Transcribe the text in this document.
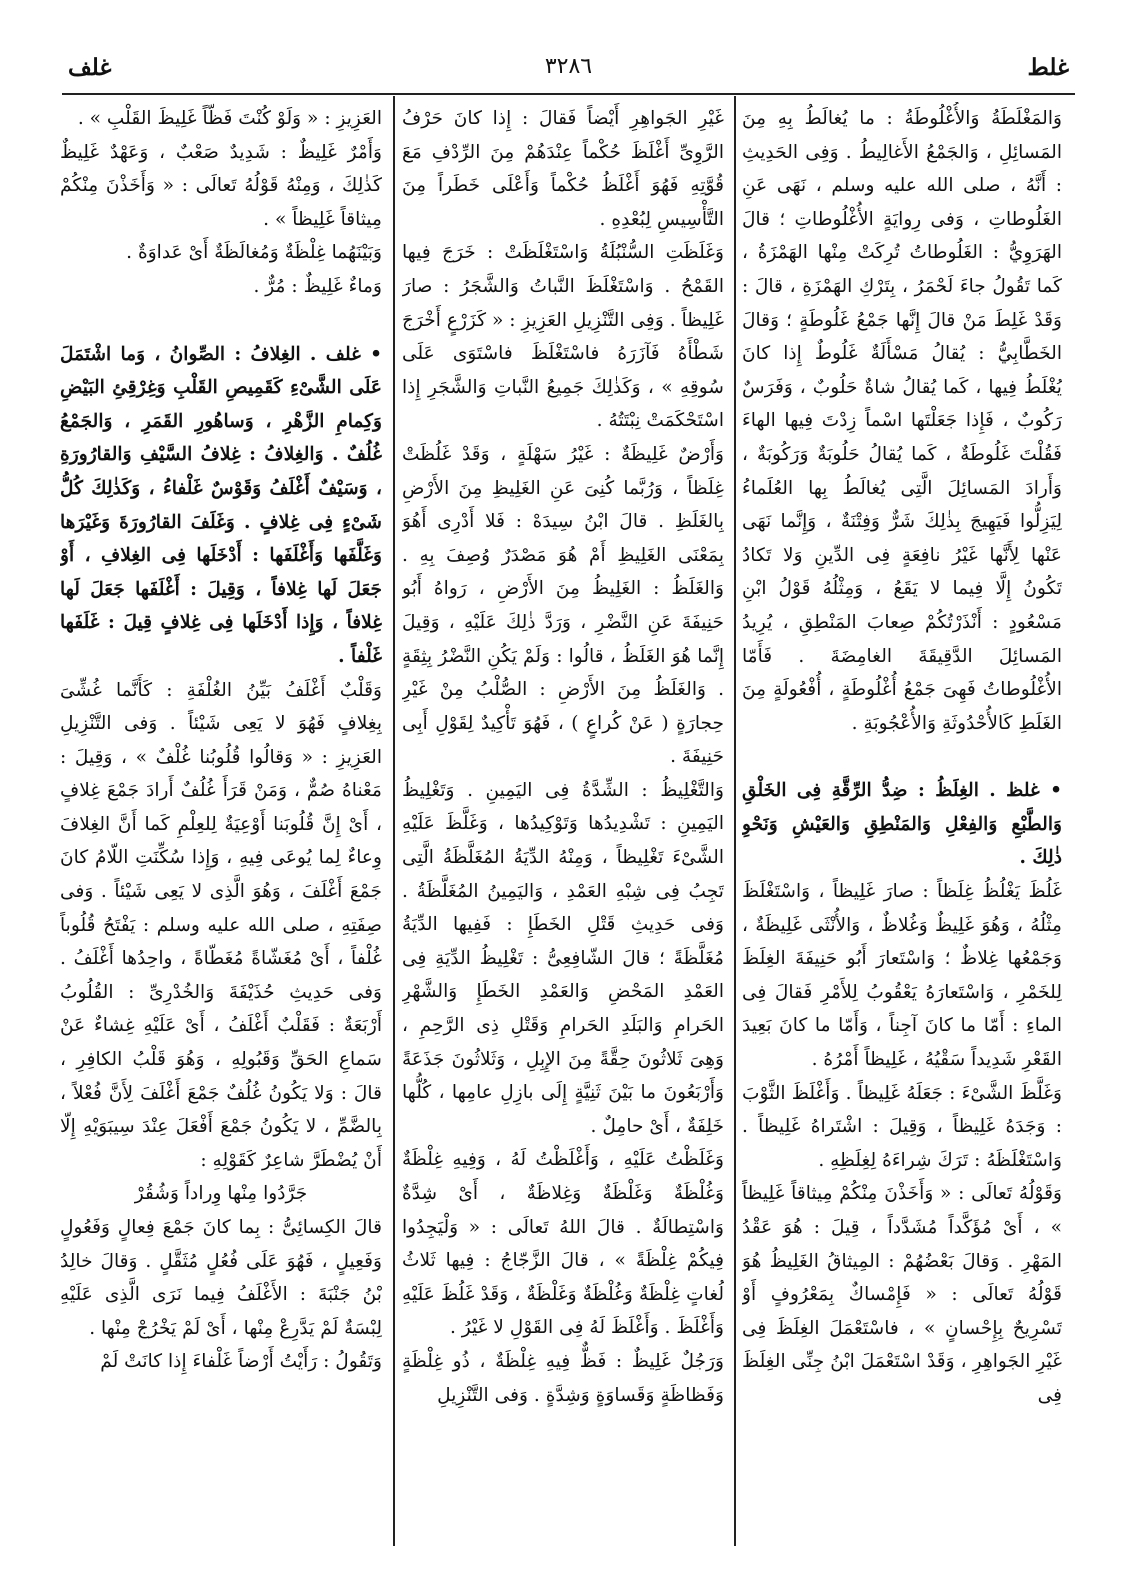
غلط
٣٢٨٦
غلف

وَالمَغْلَطَةُ وَالأُغْلُوطَةُ : ما يُغالَطُ بِهِ مِنَ المَسائِلِ ، وَالجَمْعُ الأَغالِيطُ . وَفِى الحَدِيثِ : أَنَّهُ ، صلى الله عليه وسلم ، نَهَى عَنِ الغَلُوطاتِ ، وَفى رِوايَةٍ الأُغْلُوطاتِ ؛ قالَ الهَرَوِيُّ : الغَلُوطاتُ تُرِكَتْ مِنْها الهَمْزَةُ ، كَما تَقُولُ جاءَ لَحْمَرُ ، بِتَرْكِ الهَمْزَةِ ، قالَ : وَقَدْ غَلِطَ مَنْ قالَ إِنَّها جَمْعُ غَلُوطَةٍ ؛ وَقالَ الخَطَّابِيُّ : يُقالُ مَسْأَلَةٌ غَلُوطٌ إِذا كانَ يُغْلَطُ فِيها ، كَما يُقالُ شاةٌ حَلُوبٌ ، وَفَرَسٌ رَكُوبٌ ، فَإِذا جَعَلْتَها اسْماً زِدْتَ فِيها الهاءَ فَقُلْتَ غَلُوطَةٌ ، كَما يُقالُ حَلُوبَةٌ وَرَكُوبَةٌ ، وَأَرادَ المَسائِلَ الَّتِى يُغالَطُ بِها العُلَماءُ لِيَزِلُّوا فَيَهِيجَ بِذٰلِكَ شَرٌّ وَفِتْنَةٌ ، وَإِنَّما نَهَى عَنْها لِأَنَّها غَيْرُ نافِعَةٍ فِى الدِّينِ وَلا تَكادُ تَكُونُ إِلَّا فِيما لا يَقَعُ ، وَمِثْلُهُ قَوْلُ ابْنِ مَسْعُودٍ : أَنْذَرْتُكُمْ صِعابَ المَنْطِقِ ، يُرِيدُ المَسائِلَ الدَّقِيقَةَ الغامِضَةَ . فَأَمّا الأُغْلُوطاتُ فَهِىَ جَمْعُ أُغْلُوطَةٍ ، أُفْعُولَةٍ مِنَ الغَلَطِ كَالأُحْدُوثَةِ وَالأُعْجُوبَةِ .

• غلظ . الغِلَظُ : ضِدُّ الرِّقَّةِ فِى الخَلْقِ وَالطَّبْعِ وَالفِعْلِ وَالمَنْطِقِ وَالعَيْشِ وَنَحْوِ ذٰلِكَ .

غَلُظَ يَغْلُظُ غِلَظاً : صارَ غَلِيظاً ، وَاسْتَغْلَظَ مِثْلُهُ ، وَهُوَ غَلِيظٌ وَغُلاظٌ ، وَالأُنْثَى غَلِيظَةٌ ، وَجَمْعُها غِلاظٌ ؛ وَاسْتَعارَ أَبُو حَنِيفَةَ الغِلَظَ لِلخَمْرِ ، وَاسْتَعارَهُ يَعْقُوبُ لِلأَمْرِ فَقالَ فِى الماءِ : أَمّا ما كانَ آجِناً ، وَأَمّا ما كانَ بَعِيدَ القَعْرِ شَدِيداً سَقْيُهُ ، غَلِيظاً أَمْرُهُ .

وَغَلَّظَ الشَّىْءَ : جَعَلَهُ غَلِيظاً . وَأَغْلَظَ الثَّوْبَ : وَجَدَهُ غَلِيظاً ، وَقِيلَ : اشْتَراهُ غَلِيظاً . وَاسْتَغْلَظَهُ : تَرَكَ شِراءَهُ لِغِلَظِهِ .

وَقَوْلُهُ تَعالَى : « وَأَخَذْنَ مِنْكُمْ مِيثاقاً غَلِيظاً » ، أَىْ مُؤَكَّداً مُشَدَّداً ، قِيلَ : هُوَ عَقْدُ المَهْرِ . وَقالَ بَعْضُهُمْ : المِيثاقُ الغَلِيظُ هُوَ قَوْلُهُ تَعالَى : « فَإِمْساكٌ بِمَعْرُوفٍ أَوْ تَسْرِيحٌ بِإِحْسانٍ » ، فاسْتَعْمَلَ الغِلَظَ فِى غَيْرِ الجَواهِرِ ، وَقَدْ اسْتَعْمَلَ ابْنُ جِنِّى الغِلَظَ فِى

غَيْرِ الجَواهِرِ أَيْضاً فَقالَ : إِذا كانَ حَرْفُ الرَّوِىِّ أَغْلَظَ حُكْماً عِنْدَهُمْ مِنَ الرِّدْفِ مَعَ قُوَّتِهِ فَهُوَ أَغْلَظُ حُكْماً وَأَعْلَى خَطَراً مِنَ التَّأْسِيسِ لِبُعْدِهِ .

وَغَلَظَتِ السُّنْبُلَةُ وَاسْتَغْلَظَتْ : خَرَجَ فِيها القَمْحُ . وَاسْتَغْلَظَ النَّباتُ وَالشَّجَرُ : صارَ غَلِيظاً . وَفِى التَّنْزِيلِ العَزِيزِ : « كَزَرْعٍ أَخْرَجَ شَطْأَهُ فَآزَرَهُ فاسْتَغْلَظَ فاسْتَوَى عَلَى سُوقِهِ » ، وَكَذٰلِكَ جَمِيعُ النَّباتِ وَالشَّجَرِ إِذا اسْتَحْكَمَتْ نِبْتَتُهُ .

وَأَرْضٌ غَلِيظَةٌ : غَيْرُ سَهْلَةٍ ، وَقَدْ غَلُظَتْ غِلَظاً ، وَرُبَّما كُنِىَ عَنِ الغَلِيظِ مِنَ الأَرْضِ بِالغَلَظِ . قالَ ابْنُ سِيدَهْ : فَلا أَدْرِى أَهُوَ بِمَعْنَى الغَلِيظِ أَمْ هُوَ مَصْدَرٌ وُصِفَ بِهِ . وَالغَلَظُ : الغَلِيظُ مِنَ الأَرْضِ ، رَواهُ أَبُو حَنِيفَةَ عَنِ النَّضْرِ ، وَرَدَّ ذٰلِكَ عَلَيْهِ ، وَقِيلَ إِنَّما هُوَ الغَلَظُ ، قالُوا : وَلَمْ يَكُنِ النَّضْرُ بِثِقَةٍ . وَالغَلَظُ مِنَ الأَرْضِ : الصُّلْبُ مِنْ غَيْرِ حِجارَةٍ ( عَنْ كُراعٍ ) ، فَهُوَ تَأْكِيدٌ لِقَوْلِ أَبِى حَنِيفَةَ .

وَالتَّغْلِيظُ : الشِّدَّةُ فِى اليَمِينِ . وَتَغْلِيظُ اليَمِينِ : تَشْدِيدُها وَتَوْكِيدُها ، وَغَلَّظَ عَلَيْهِ الشَّىْءَ تَغْلِيظاً ، وَمِنْهُ الدِّيَةُ المُغَلَّظَةُ الَّتِى تَجِبُ فِى شِبْهِ العَمْدِ ، وَاليَمِينُ المُغَلَّظَةُ . وَفى حَدِيثِ قَتْلِ الخَطَإِ : فَفِيها الدِّيَةُ مُغَلَّظَةً ؛ قالَ الشّافِعِىُّ : تَغْلِيظُ الدِّيَةِ فِى العَمْدِ المَحْضِ وَالعَمْدِ الخَطَإِ وَالشَّهْرِ الحَرامِ وَالبَلَدِ الحَرامِ وَقَتْلِ ذِى الرَّحِمِ ، وَهِىَ ثَلاثُونَ حِقَّةً مِنَ الإِبِلِ ، وَثَلاثُونَ جَذَعَةً وَأَرْبَعُونَ ما بَيْنَ ثَنِيَّةٍ إِلَى بازِلِ عامِها ، كُلُّها خَلِفَةٌ ، أَىْ حامِلٌ .

وَغَلَظْتُ عَلَيْهِ ، وَأَغْلَظْتُ لَهُ ، وَفِيهِ غِلْظَةٌ وَغُلْظَةٌ وَغَلْظَةٌ وَغِلاظَةٌ ، أَىْ شِدَّةٌ وَاسْتِطالَةٌ . قالَ اللهُ تَعالَى : « وَلْيَجِدُوا فِيكُمْ غِلْظَةً » ، قالَ الزَّجّاجُ : فِيها ثَلاثُ لُغاتٍ غِلْظَةٌ وَغُلْظَةٌ وَغَلْظَةٌ ، وَقَدْ غَلُظَ عَلَيْهِ وَأَغْلَظَ . وَأَغْلَظَ لَهُ فِى القَوْلِ لا غَيْرُ .

وَرَجُلٌ غَلِيظٌ : فَظٌّ فِيهِ غِلْظَةٌ ، ذُو غِلْظَةٍ وَفَظاظَةٍ وَقَساوَةٍ وَشِدَّةٍ . وَفى التَّنْزِيلِ

العَزِيزِ : « وَلَوْ كُنْتَ فَظّاً غَلِيظَ القَلْبِ » .

وَأَمْرٌ غَلِيظٌ : شَدِيدٌ صَعْبٌ ، وَعَهْدٌ غَلِيظٌ كَذٰلِكَ ، وَمِنْهُ قَوْلُهُ تَعالَى : « وَأَخَذْنَ مِنْكُمْ مِيثاقاً غَلِيظاً » .

وَبَيْنَهُما غِلْظَةٌ وَمُغالَظَةٌ أَىْ عَداوَةٌ .

وَماءٌ غَلِيظٌ : مُرٌّ .

• غلف . الغِلافُ : الصِّوانُ ، وَما اشْتَمَلَ عَلَى الشَّىْءِ كَقَمِيصِ القَلْبِ وَغِرْقِئِ البَيْضِ وَكِمامِ الزَّهْرِ ، وَساهُورِ القَمَرِ ، وَالجَمْعُ غُلُفٌ . وَالغِلافُ : غِلافُ السَّيْفِ وَالقارُورَةِ ، وَسَيْفٌ أَغْلَفُ وَقَوْسٌ غَلْفاءُ ، وَكَذٰلِكَ كُلُّ شَىْءٍ فِى غِلافٍ . وَغَلَفَ القارُورَةَ وَغَيْرَها وَغَلَّفَها وَأَغْلَفَها : أَدْخَلَها فِى الغِلافِ ، أَوْ جَعَلَ لَها غِلافاً ، وَقِيلَ : أَغْلَفَها جَعَلَ لَها غِلافاً ، وَإِذا أَدْخَلَها فِى غِلافٍ قِيلَ : غَلَفَها غَلْفاً .

وَقَلْبٌ أَغْلَفُ بَيِّنُ الغُلْفَةِ : كَأَنَّما غُشِّىَ بِغِلافٍ فَهُوَ لا يَعِى شَيْئاً . وَفى التَّنْزِيلِ العَزِيزِ : « وَقالُوا قُلُوبُنا غُلْفٌ » ، وَقِيلَ : مَعْناهُ صُمٌّ ، وَمَنْ قَرَأَ غُلُفٌ أَرادَ جَمْعَ غِلافٍ ، أَىْ إِنَّ قُلُوبَنا أَوْعِيَةٌ لِلعِلْمِ كَما أَنَّ الغِلافَ وِعاءٌ لِما يُوعَى فِيهِ ، وَإِذا سُكِّنَتِ اللّامُ كانَ جَمْعَ أَغْلَفَ ، وَهُوَ الَّذِى لا يَعِى شَيْئاً . وَفى صِفَتِهِ ، صلى الله عليه وسلم : يَفْتَحُ قُلُوباً غُلْفاً ، أَىْ مُغَشّاةً مُغَطّاةً ، واحِدُها أَغْلَفُ . وَفى حَدِيثِ حُذَيْفَةَ وَالخُدْرِىِّ : القُلُوبُ أَرْبَعَةٌ : فَقَلْبٌ أَغْلَفُ ، أَىْ عَلَيْهِ غِشاءٌ عَنْ سَماعِ الحَقِّ وَقَبُولِهِ ، وَهُوَ قَلْبُ الكافِرِ ، قالَ : وَلا يَكُونُ غُلُفٌ جَمْعَ أَغْلَفَ لِأَنَّ فُعْلاً ، بِالضَّمِّ ، لا يَكُونُ جَمْعَ أَفْعَلَ عِنْدَ سِيبَوَيْهِ إِلّا أَنْ يُضْطَرَّ شاعِرٌ كَقَوْلِهِ :

جَرَّدُوا مِنْها وِراداً وَشُقُرْ

قالَ الكِسائِىُّ : بِما كانَ جَمْعَ فِعالٍ وَفَعُولٍ وَفَعِيلٍ ، فَهُوَ عَلَى فُعُلٍ مُثَقَّلٍ . وَقالَ خالِدُ بْنُ جَنْبَةَ : الأَغْلَفُ فِيما نَرَى الَّذِى عَلَيْهِ لِبْسَةٌ لَمْ يَدَّرِعْ مِنْها ، أَىْ لَمْ يَخْرُجْ مِنْها .

وَتَقُولُ : رَأَيْتُ أَرْضاً غَلْفاءَ إِذا كانَتْ لَمْ
